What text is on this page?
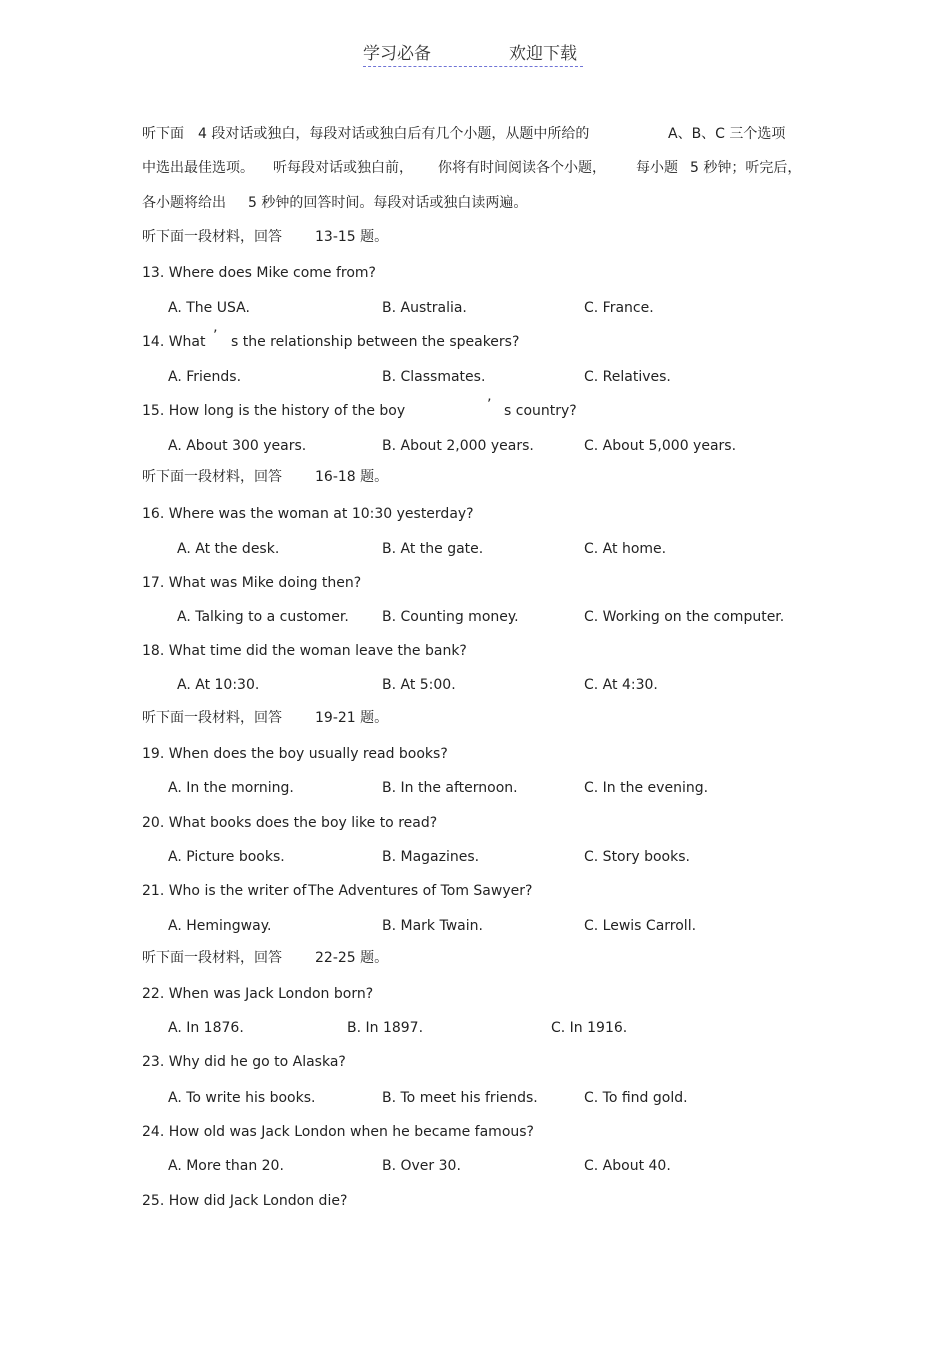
学习必备	欢迎下载
听下面 4 段对话或独白，每段对话或独白后有几个小题，从题中所给的	A、B、C 三个选项
中选出最佳选项。 听每段对话或独白前， 你将有时间阅读各个小题， 每小题 5 秒钟；听完后，
各小题将给出 5 秒钟的回答时间。每段对话或独白读两遍。
听下面一段材料，回答 13-15 题。
13. Where does Mike come from?
A. The USA.	B. Australia.	C. France.
14. What ’ s the relationship between the speakers?
A. Friends.	B. Classmates.	C. Relatives.
15. How long is the history of the boy	’ s country?
A. About 300 years.	B. About 2,000 years.	C. About 5,000 years.
听下面一段材料，回答 16-18 题。
16. Where was the woman at 10:30 yesterday?
A. At the desk.	B. At the gate.	C. At home.
17. What was Mike doing then?
A. Talking to a customer. B. Counting money.	C. Working on the computer.
18. What time did the woman leave the bank?
A. At 10:30.	B. At 5:00.	C. At 4:30.
听下面一段材料，回答 19-21 题。
19. When does the boy usually read books?
A. In the morning.	B. In the afternoon.	C. In the evening.
20. What books does the boy like to read?
A. Picture books.	B. Magazines.	C. Story books.
21. Who is the writer of The Adventures of Tom Sawyer?
A. Hemingway.	B. Mark Twain.	C. Lewis Carroll.
听下面一段材料，回答 22-25 题。
22. When was Jack London born?
A. In 1876.	B. In 1897.	C. In 1916.
23. Why did he go to Alaska?
A. To write his books.	B. To meet his friends.	C. To find gold.
24. How old was Jack London when he became famous?
A. More than 20.	B. Over 30.	C. About 40.
25. How did Jack London die?
